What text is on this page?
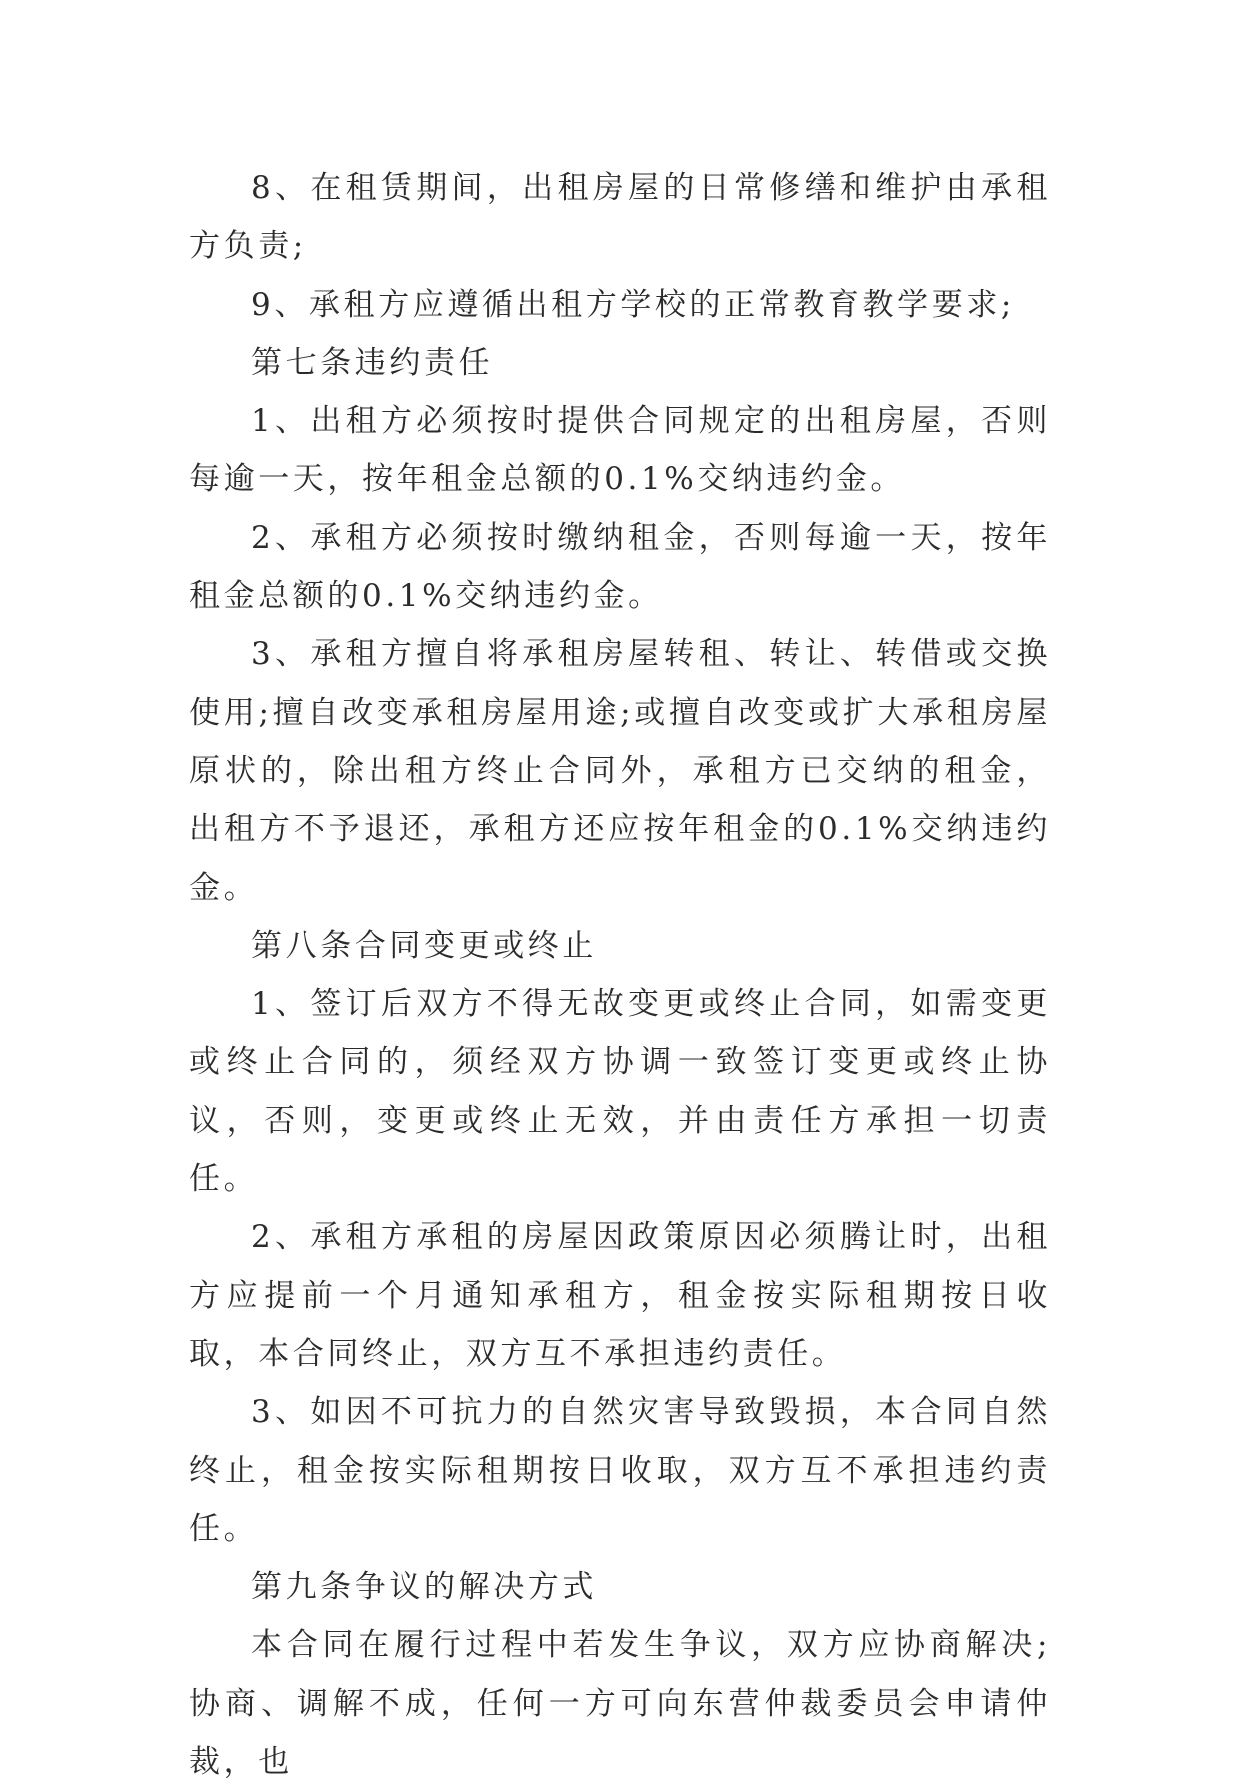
8、在租赁期间，出租房屋的日常修缮和维护由承租方负责;

9、承租方应遵循出租方学校的正常教育教学要求;

第七条违约责任

1、出租方必须按时提供合同规定的出租房屋，否则每逾一天，按年租金总额的0.1%交纳违约金。

2、承租方必须按时缴纳租金，否则每逾一天，按年租金总额的0.1%交纳违约金。

3、承租方擅自将承租房屋转租、转让、转借或交换使用;擅自改变承租房屋用途;或擅自改变或扩大承租房屋原状的，除出租方终止合同外，承租方已交纳的租金，出租方不予退还，承租方还应按年租金的0.1%交纳违约金。

第八条合同变更或终止

1、签订后双方不得无故变更或终止合同，如需变更或终止合同的，须经双方协调一致签订变更或终止协议，否则，变更或终止无效，并由责任方承担一切责任。

2、承租方承租的房屋因政策原因必须腾让时，出租方应提前一个月通知承租方，租金按实际租期按日收取，本合同终止，双方互不承担违约责任。

3、如因不可抗力的自然灾害导致毁损，本合同自然终止，租金按实际租期按日收取，双方互不承担违约责任。

第九条争议的解决方式

本合同在履行过程中若发生争议，双方应协商解决;协商、调解不成，任何一方可向东营仲裁委员会申请仲裁，也
